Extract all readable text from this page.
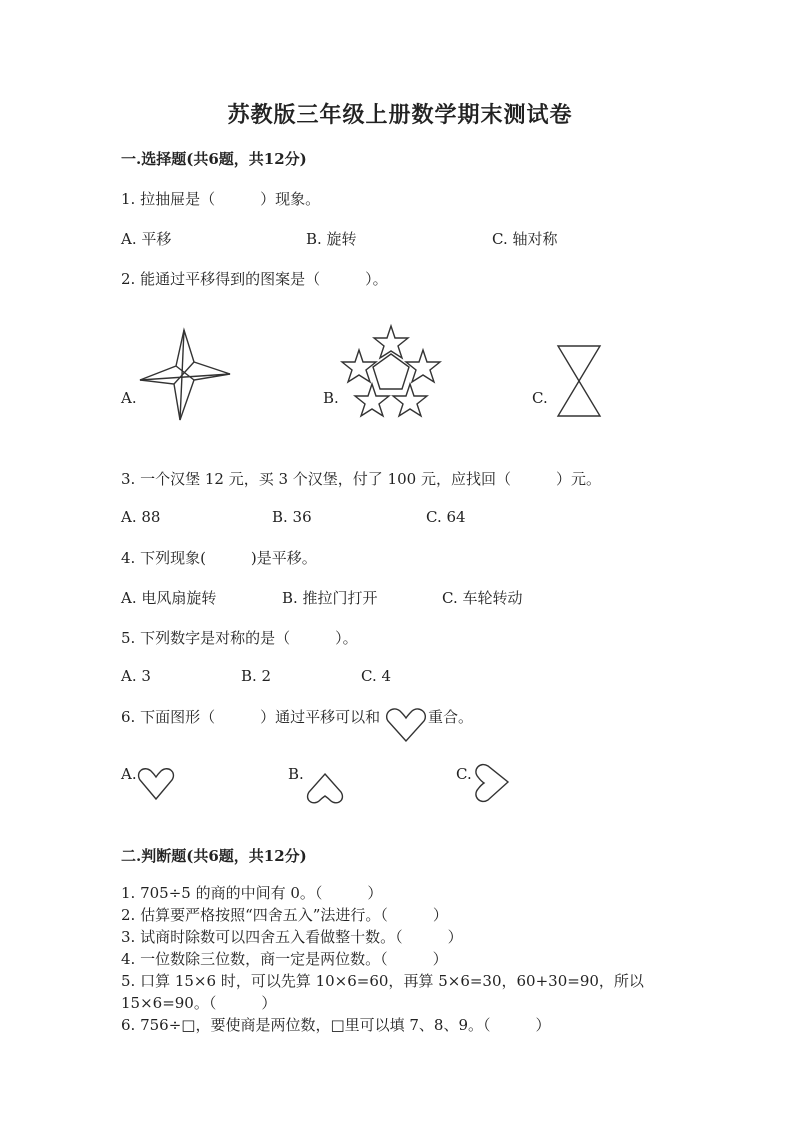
苏教版三年级上册数学期末测试卷
一.选择题(共6题，共12分)
1. 拉抽屉是（　　　）现象。
A. 平移	B. 旋转	C. 轴对称
2. 能通过平移得到的图案是（　　　）。
A.	B.	C.
3. 一个汉堡 12 元，买 3 个汉堡，付了 100 元，应找回（　　　）元。
A. 88	B. 36	C. 64
4. 下列现象(　　　)是平移。
A. 电风扇旋转	B. 推拉门打开	C. 车轮转动
5. 下列数字是对称的是（　　　）。
A. 3	B. 2	C. 4
6. 下面图形（　　　）通过平移可以和	重合。
A.	B.	C.
二.判断题(共6题，共12分)
1. 705÷5 的商的中间有 0。（　　　）
2. 估算要严格按照“四舍五入”法进行。（　　　）
3. 试商时除数可以四舍五入看做整十数。（　　　）
4. 一位数除三位数，商一定是两位数。（　　　）
5. 口算 15×6 时，可以先算 10×6=60，再算 5×6=30，60+30=90，所以
15×6=90。（　　　）
6. 756÷□，要使商是两位数，□里可以填 7、8、9。（　　　）
